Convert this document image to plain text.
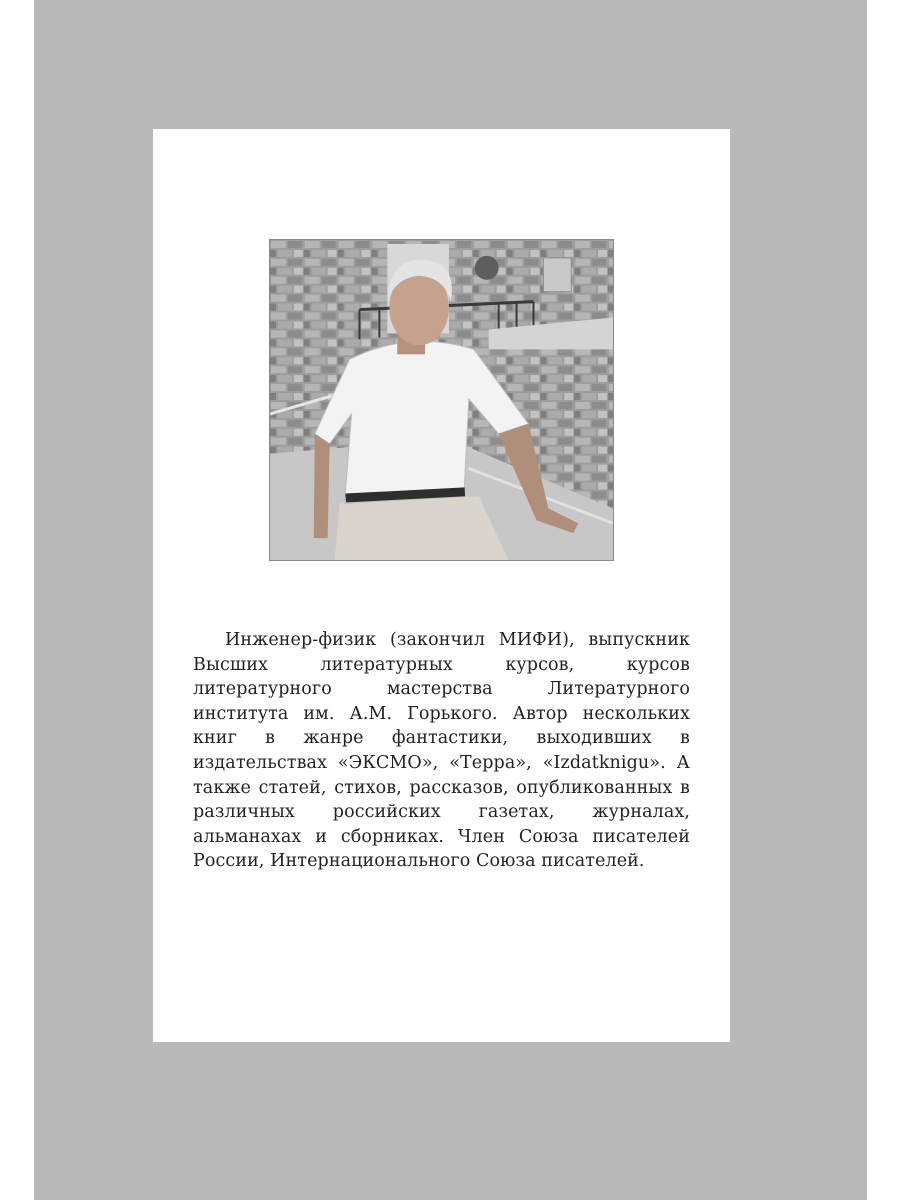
Инженер-физик (закончил МИФИ), выпускник Высших литературных курсов, курсов литературного мастерства Литературного института им. А.М. Горького. Автор нескольких книг в жанре фантастики, выходивших в издательствах «ЭКСМО», «Терра», «Izdatknigu». А также статей, стихов, рассказов, опубликованных в различных российских газетах, журналах, альманахах и сборниках. Член Союза писателей России, Интернационального Союза писателей.
